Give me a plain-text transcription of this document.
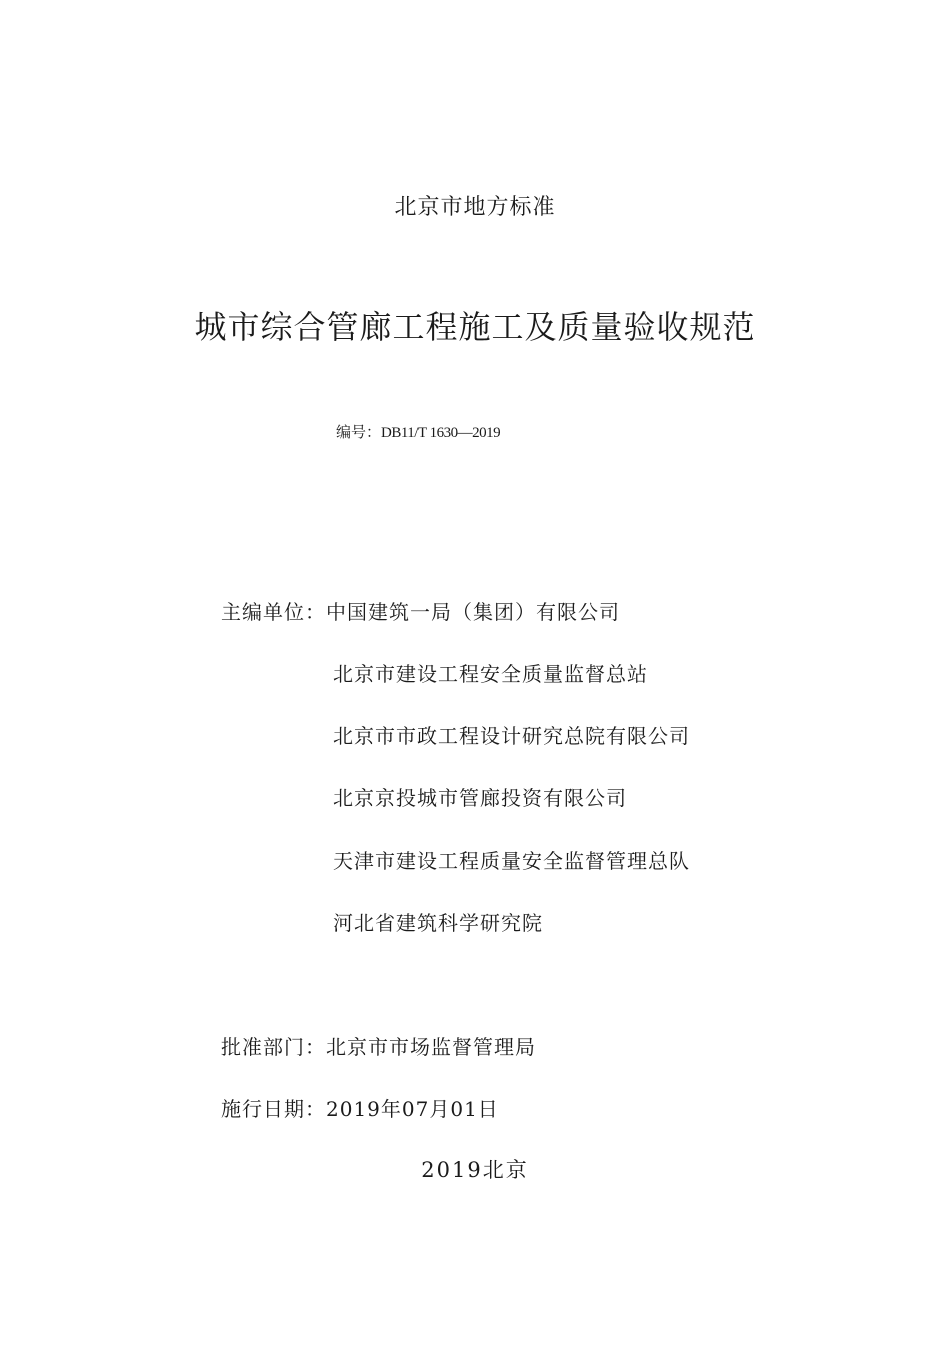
北京市地方标准
城市综合管廊工程施工及质量验收规范
编号：DB11/T 1630—2019
主编单位：中国建筑一局（集团）有限公司
北京市建设工程安全质量监督总站
北京市市政工程设计研究总院有限公司
北京京投城市管廊投资有限公司
天津市建设工程质量安全监督管理总队
河北省建筑科学研究院
批准部门：北京市市场监督管理局
施行日期：2019年07月01日
2019北京
